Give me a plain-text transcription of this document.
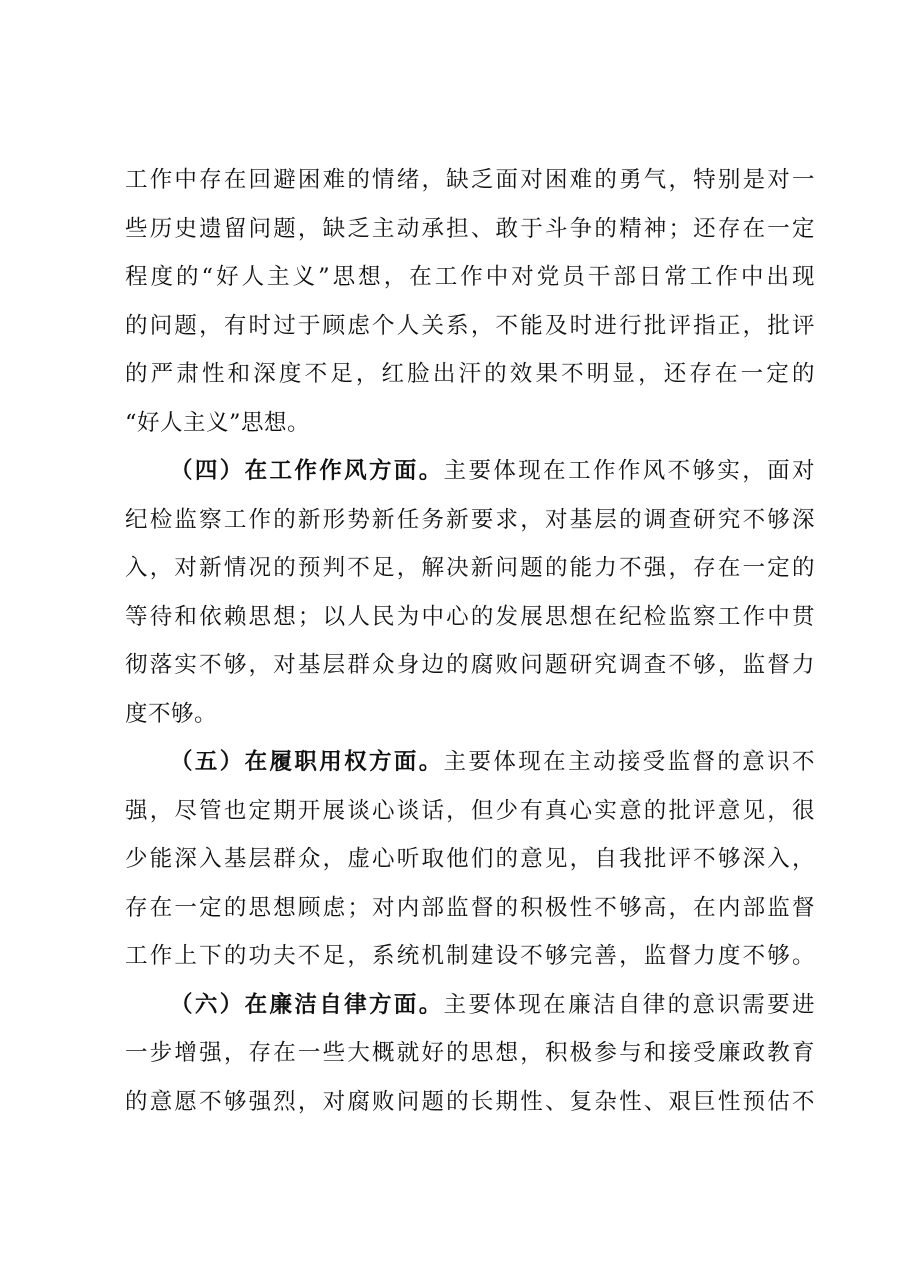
工作中存在回避困难的情绪，缺乏面对困难的勇气，特别是对一
些历史遗留问题，缺乏主动承担、敢于斗争的精神；还存在一定
程度的“好人主义”思想，在工作中对党员干部日常工作中出现
的问题，有时过于顾虑个人关系，不能及时进行批评指正，批评
的严肃性和深度不足，红脸出汗的效果不明显，还存在一定的
“好人主义”思想。
（四）在工作作风方面。主要体现在工作作风不够实，面对
纪检监察工作的新形势新任务新要求，对基层的调查研究不够深
入，对新情况的预判不足，解决新问题的能力不强，存在一定的
等待和依赖思想；以人民为中心的发展思想在纪检监察工作中贯
彻落实不够，对基层群众身边的腐败问题研究调查不够，监督力
度不够。
（五）在履职用权方面。主要体现在主动接受监督的意识不
强，尽管也定期开展谈心谈话，但少有真心实意的批评意见，很
少能深入基层群众，虚心听取他们的意见，自我批评不够深入，
存在一定的思想顾虑；对内部监督的积极性不够高，在内部监督
工作上下的功夫不足，系统机制建设不够完善，监督力度不够。
（六）在廉洁自律方面。主要体现在廉洁自律的意识需要进
一步增强，存在一些大概就好的思想，积极参与和接受廉政教育
的意愿不够强烈，对腐败问题的长期性、复杂性、艰巨性预估不
